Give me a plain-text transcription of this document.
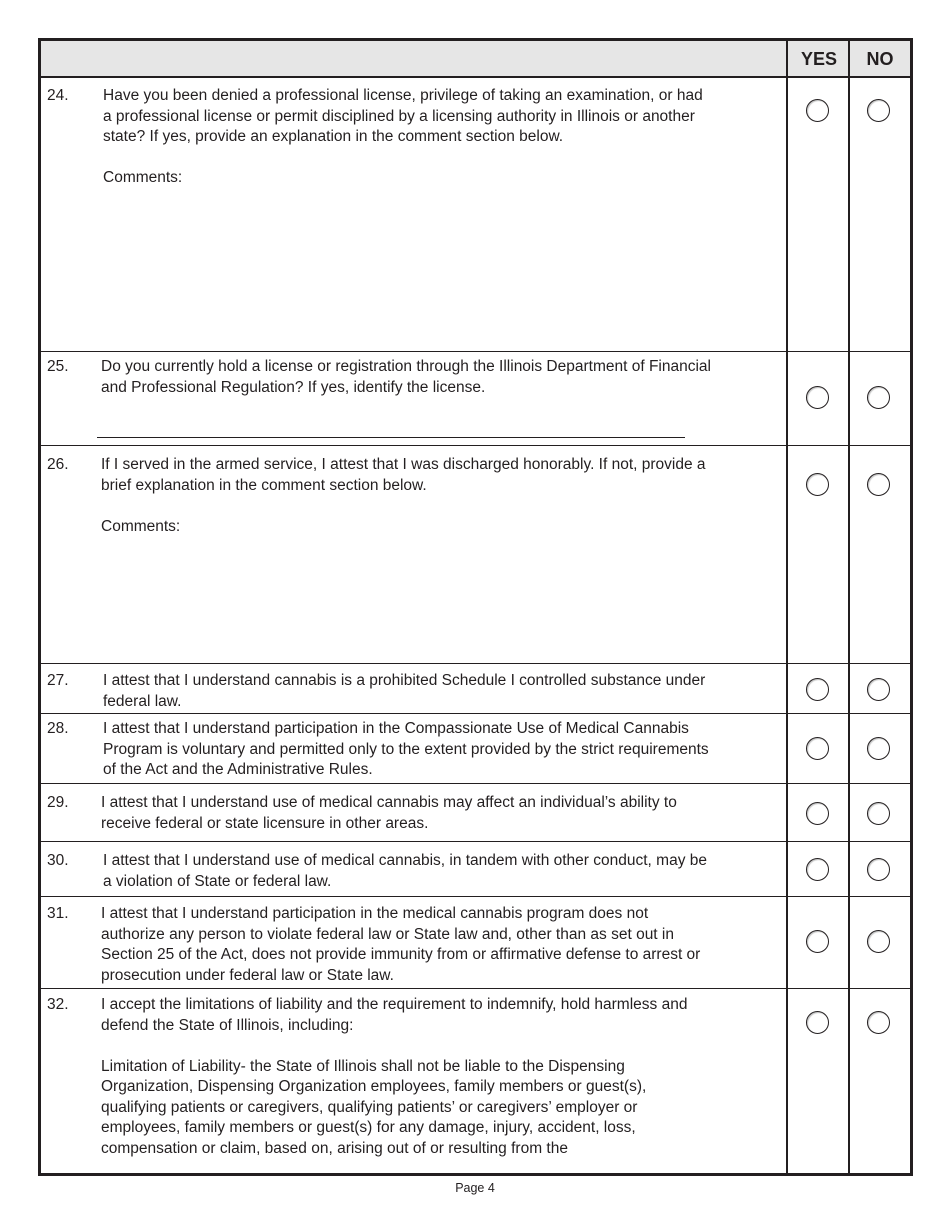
YES	NO
24. Have you been denied a professional license, privilege of taking an examination, or had

a professional license or permit disciplined by a licensing authority in Illinois or another

state? If yes, provide an explanation in the comment section below.

Comments:

25. Do you currently hold a license or registration through the Illinois Department of Financial

and Professional Regulation? If yes, identify the license.

26. If I served in the armed service, I attest that I was discharged honorably. If not, provide a

brief explanation in the comment section below.

Comments:

27. I attest that I understand cannabis is a prohibited Schedule I controlled substance under

federal law.

28. I attest that I understand participation in the Compassionate Use of Medical Cannabis

Program is voluntary and permitted only to the extent provided by the strict requirements

of the Act and the Administrative Rules.

29. I attest that I understand use of medical cannabis may affect an individual’s ability to

receive federal or state licensure in other areas.

30. I attest that I understand use of medical cannabis, in tandem with other conduct, may be

a violation of State or federal law.

31. I attest that I understand participation in the medical cannabis program does not

authorize any person to violate federal law or State law and, other than as set out in

Section 25 of the Act, does not provide immunity from or affirmative defense to arrest or

prosecution under federal law or State law.

32. I accept the limitations of liability and the requirement to indemnify, hold harmless and

defend the State of Illinois, including:

Limitation of Liability- the State of Illinois shall not be liable to the Dispensing

Organization, Dispensing Organization employees, family members or guest(s),

qualifying patients or caregivers, qualifying patients’ or caregivers’ employer or

employees, family members or guest(s) for any damage, injury, accident, loss,

compensation or claim, based on, arising out of or resulting from the

Page 4
